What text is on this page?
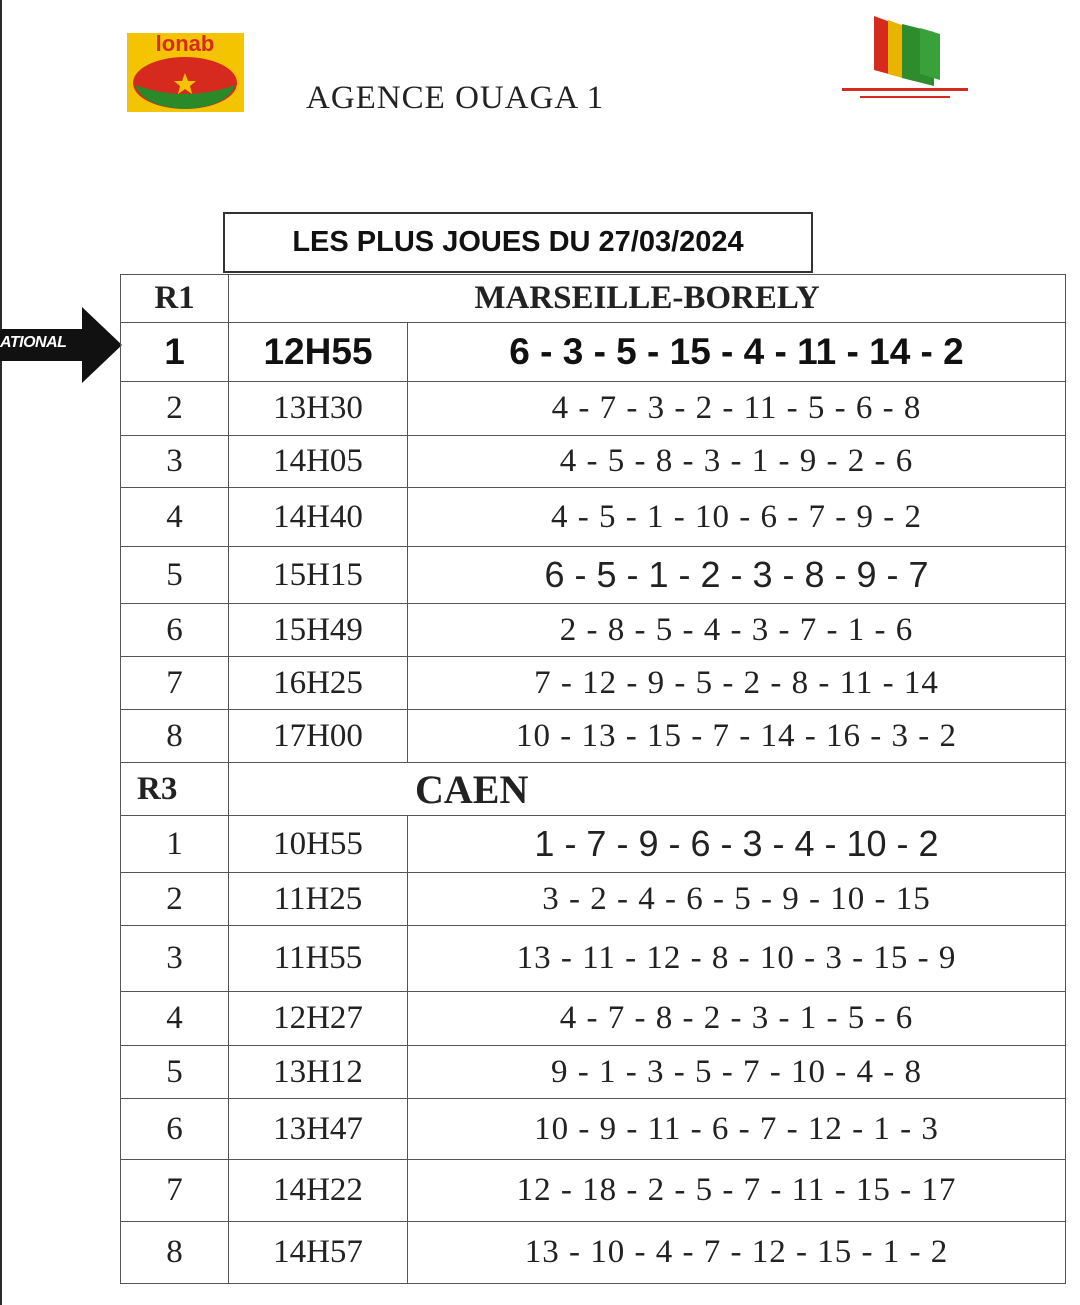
lonab
AGENCE OUAGA 1
LES PLUS JOUES DU 27/03/2024
ATIONAL
R1	MARSEILLE-BORELY	
1	12H55	6 - 3 - 5 - 15 - 4 - 11 - 14 - 2
2	13H30	4 - 7 - 3 - 2 - 11 - 5 - 6 - 8
3	14H05	4 - 5 - 8 - 3 - 1 - 9 - 2 - 6
4	14H40	4 - 5 - 1 - 10 - 6 - 7 - 9 - 2
5	15H15	6 - 5 - 1 - 2 - 3 - 8 - 9 - 7
6	15H49	2 - 8 - 5 - 4 - 3 - 7 - 1 - 6
7	16H25	7 - 12 - 9 - 5 - 2 - 8 - 11 - 14
8	17H00	10 - 13 - 15 - 7 - 14 - 16 - 3 - 2
R3	CAEN	
1	10H55	1 - 7 - 9 - 6 - 3 - 4 - 10 - 2
2	11H25	3 - 2 - 4 - 6 - 5 - 9 - 10 - 15
3	11H55	13 - 11 - 12 - 8 - 10 - 3 - 15 - 9
4	12H27	4 - 7 - 8 - 2 - 3 - 1 - 5 - 6
5	13H12	9 - 1 - 3 - 5 - 7 - 10 - 4 - 8
6	13H47	10 - 9 - 11 - 6 - 7 - 12 - 1 - 3
7	14H22	12 - 18 - 2 - 5 - 7 - 11 - 15 - 17
8	14H57	13 - 10 - 4 - 7 - 12 - 15 - 1 - 2
